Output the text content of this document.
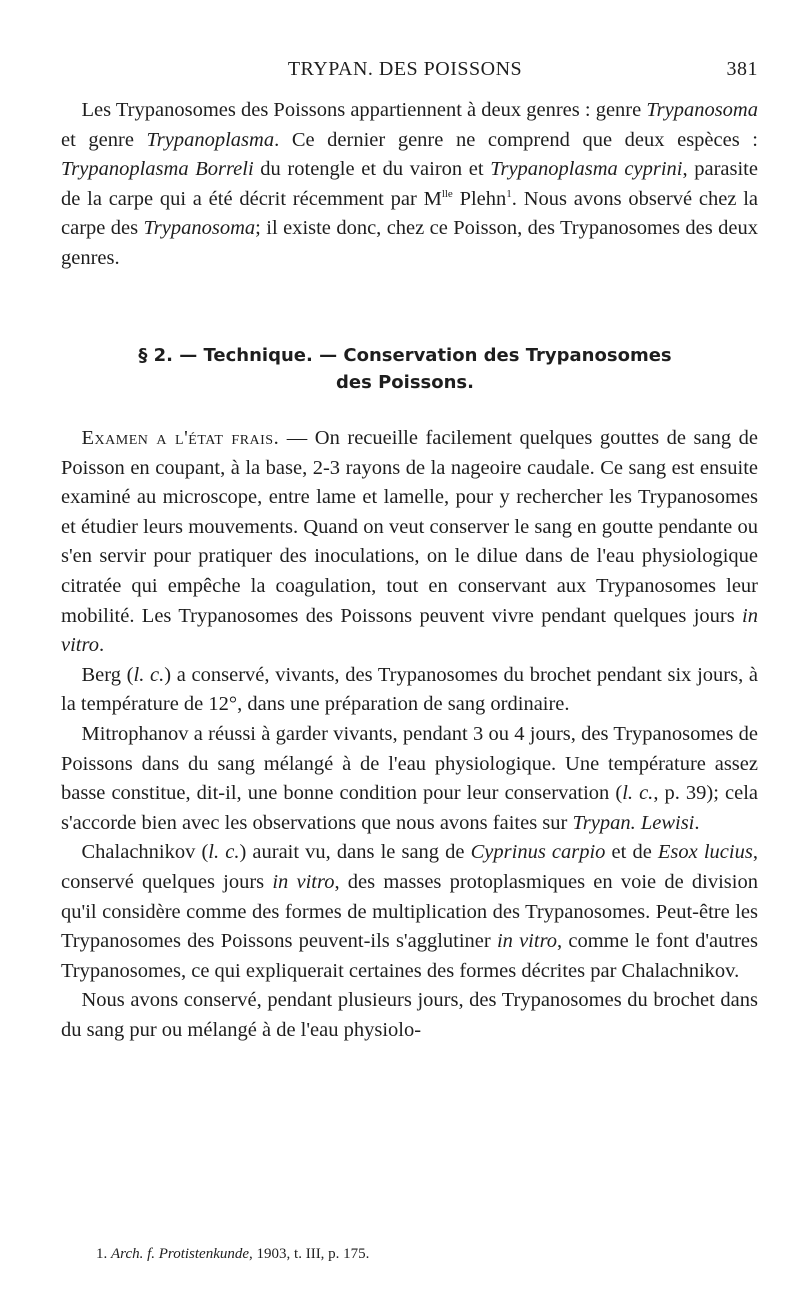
TRYPAN. DES POISSONS	381

 Les Trypanosomes des Poissons appartiennent à deux genres : genre Trypanosoma et genre Trypanoplasma. Ce dernier genre ne comprend que deux espèces : Trypanoplasma Borreli du rotengle et du vairon et Trypanoplasma cyprini, parasite de la carpe qui a été décrit récemment par $M^{lle}$ Plehn$^1$. Nous avons observé chez la carpe des Trypanosoma; il existe donc, chez ce Poisson, des Trypanosomes des deux genres.

§ 2. — Technique. — Conservation des Trypanosomes
des Poissons.

 Examen a l'état frais. — On recueille facilement quelques gouttes de sang de Poisson en coupant, à la base, 2-3 rayons de la nageoire caudale. Ce sang est ensuite examiné au microscope, entre lame et lamelle, pour y rechercher les Trypanosomes et étudier leurs mouvements. Quand on veut conserver le sang en goutte pendante ou s'en servir pour pratiquer des inoculations, on le dilue dans de l'eau physiologique citratée qui empêche la coagulation, tout en conservant aux Trypanosomes leur mobilité. Les Trypanosomes des Poissons peuvent vivre pendant quelques jours in vitro.

 Berg (l. c.) a conservé, vivants, des Trypanosomes du brochet pendant six jours, à la température de 12°, dans une préparation de sang ordinaire.

 Mitrophanov a réussi à garder vivants, pendant 3 ou 4 jours, des Trypanosomes de Poissons dans du sang mélangé à de l'eau physiologique. Une température assez basse constitue, dit-il, une bonne condition pour leur conservation (l. c., p. 39); cela s'accorde bien avec les observations que nous avons faites sur Trypan. Lewisi.

 Chalachnikov (l. c.) aurait vu, dans le sang de Cyprinus carpio et de Esox lucius, conservé quelques jours in vitro, des masses protoplasmiques en voie de division qu'il considère comme des formes de multiplication des Trypanosomes. Peut-être les Trypanosomes des Poissons peuvent-ils s'agglutiner in vitro, comme le font d'autres Trypanosomes, ce qui expliquerait certaines des formes décrites par Chalachnikov.

 Nous avons conservé, pendant plusieurs jours, des Trypanosomes du brochet dans du sang pur ou mélangé à de l'eau physiolo-

1. Arch. f. Protistenkunde, 1903, t. III, p. 175.
